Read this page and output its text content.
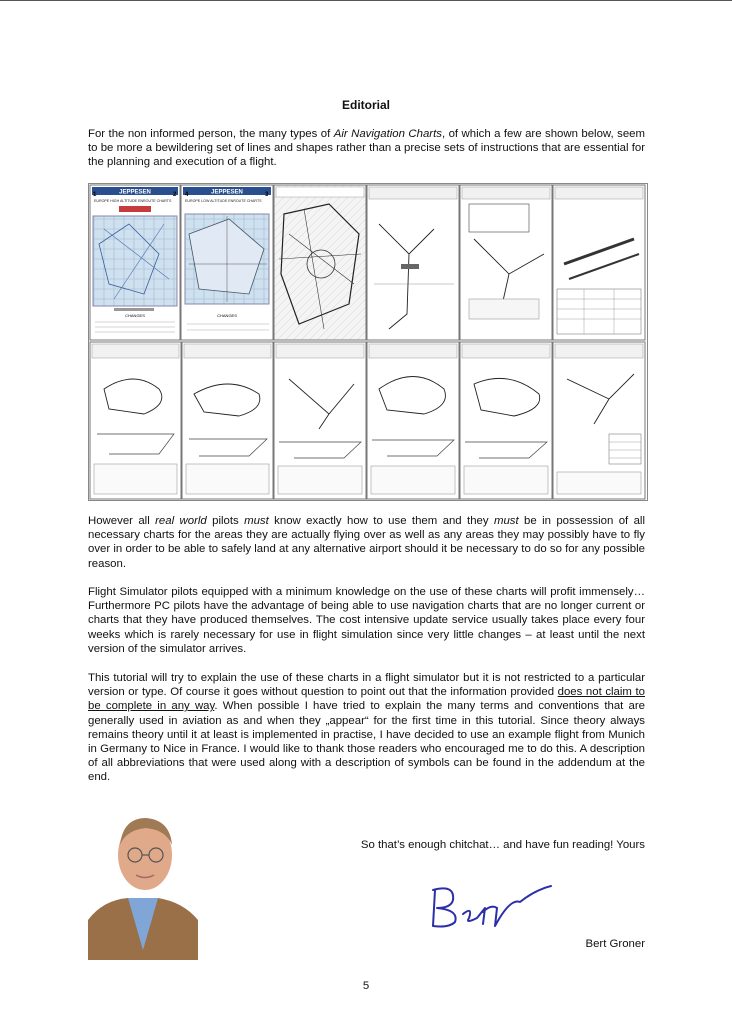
Editorial

For the non informed person, the many types of Air Navigation Charts, of which a few are shown below, seem to be more a bewildering set of lines and shapes rather than a precise sets of instructions that are essential for the planning and execution of a flight.

JEPPESEN
EUROPE HIGH ALTITUDE ENROUTE CHARTS
CHANGES
JEPPESEN
EUROPE LOW ALTITUDE ENROUTE CHARTS
CHANGES
1	2 4	3

However all real world pilots must know exactly how to use them and they must be in possession of all necessary charts for the areas they are actually flying over as well as any areas they may possibly have to fly over in order to be able to safely land at any alternative airport should it be necessary to do so for any possible reason.

Flight Simulator pilots equipped with a minimum knowledge on the use of these charts will profit immensely… Furthermore PC pilots have the advantage of being able to use navigation charts that are no longer current or charts that they have produced themselves. The cost intensive update service usually takes place every four weeks which is rarely necessary for use in flight simulation since very little changes – at least until the next version of the simulator arrives.

This tutorial will try to explain the use of these charts in a flight simulator but it is not restricted to a particular version or type. Of course it goes without question to point out that the information provided does not claim to be complete in any way. When possible I have tried to explain the many terms and conventions that are generally used in aviation as and when they „appear“ for the first time in this tutorial. Since theory always remains theory until it at least is implemented in practise, I have decided to use an example flight from Munich in Germany to Nice in France. I would like to thank those readers who encouraged me to do this. A description of all abbreviations that were used along with a description of symbols can be found in the addendum at the end.

So that’s enough chitchat… and have fun reading! Yours
Bert Groner
5
